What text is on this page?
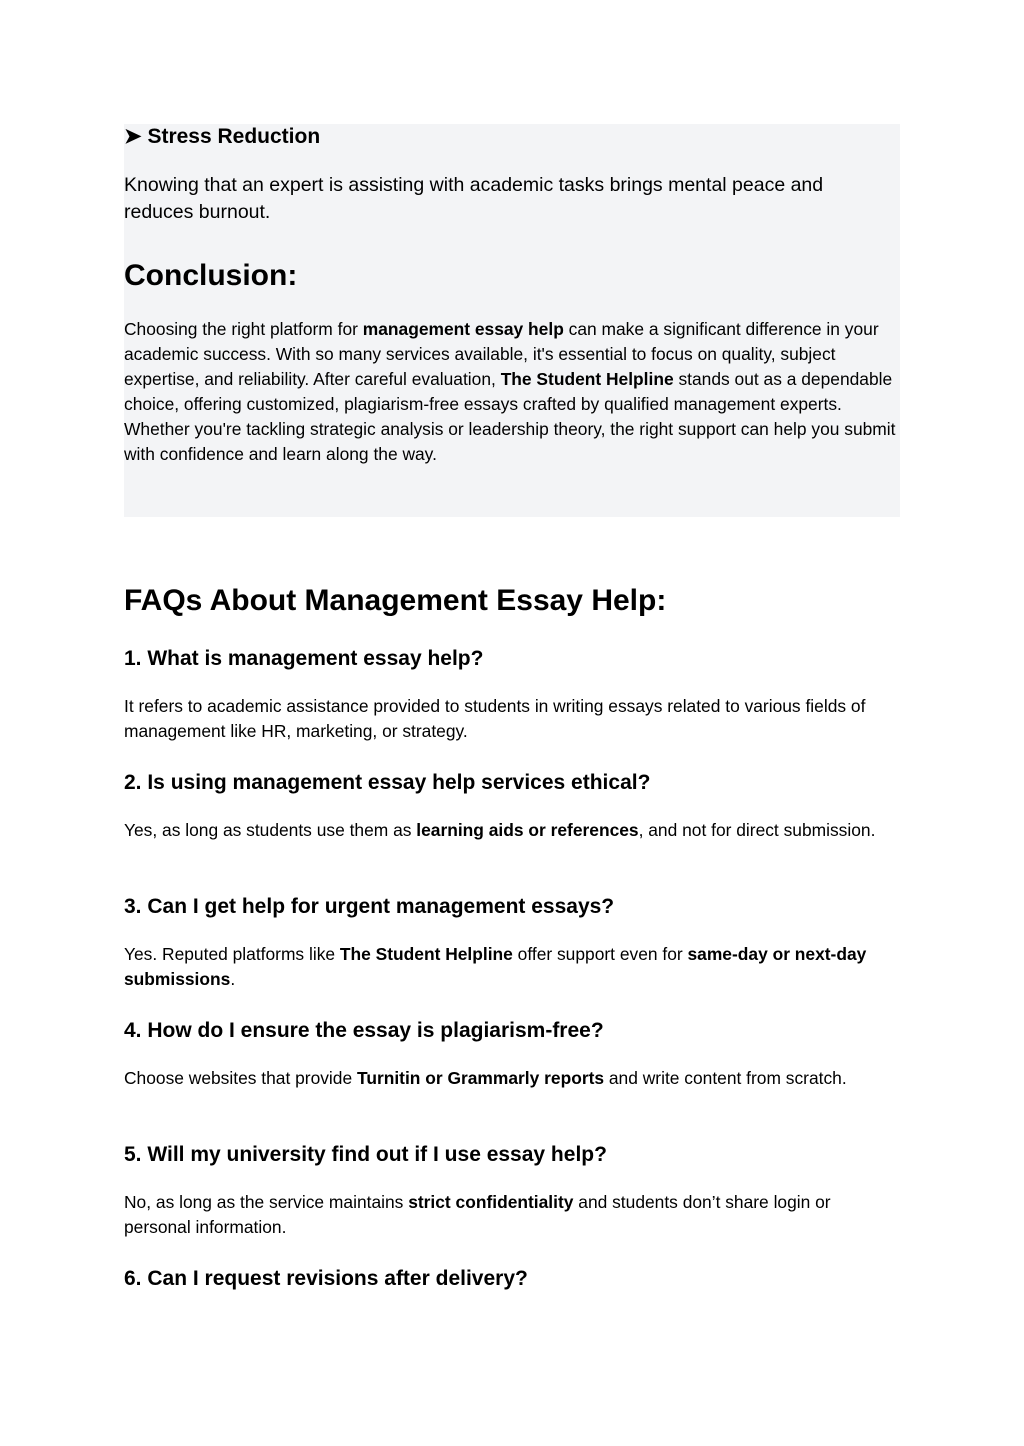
➤ Stress Reduction

Knowing that an expert is assisting with academic tasks brings mental peace and reduces burnout.

Conclusion:

Choosing the right platform for management essay help can make a significant difference in your academic success. With so many services available, it's essential to focus on quality, subject expertise, and reliability. After careful evaluation, The Student Helpline stands out as a dependable choice, offering customized, plagiarism-free essays crafted by qualified management experts. Whether you're tackling strategic analysis or leadership theory, the right support can help you submit with confidence and learn along the way.

FAQs About Management Essay Help:
1. What is management essay help?

It refers to academic assistance provided to students in writing essays related to various fields of management like HR, marketing, or strategy.

2. Is using management essay help services ethical?

Yes, as long as students use them as learning aids or references, and not for direct submission.

3. Can I get help for urgent management essays?

Yes. Reputed platforms like The Student Helpline offer support even for same-day or next-day submissions.

4. How do I ensure the essay is plagiarism-free?

Choose websites that provide Turnitin or Grammarly reports and write content from scratch.

5. Will my university find out if I use essay help?

No, as long as the service maintains strict confidentiality and students don’t share login or personal information.

6. Can I request revisions after delivery?
